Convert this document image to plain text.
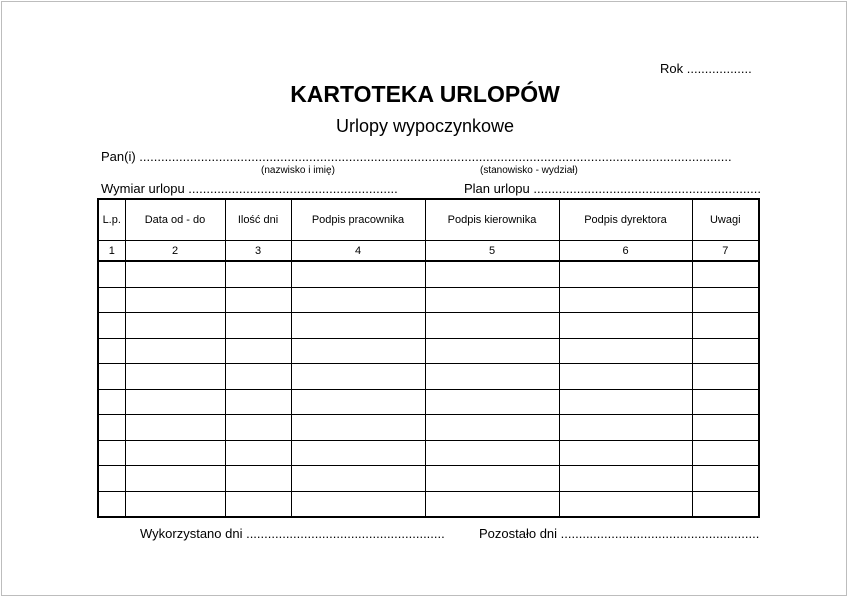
Rok ..................
KARTOTEKA URLOPÓW
Urlopy wypoczynkowe
Pan(i) ....................................................................................................................................................................
(nazwisko i imię)	(stanowisko - wydział)
Wymiar urlopu ..........................................................	Plan urlopu ...............................................................
L.p.	Data od - do	Ilość dni	Podpis pracownika	Podpis kierownika	Podpis dyrektora	Uwagi
1	2	3	4	5	6	7

Wykorzystano dni .......................................................	Pozostało dni .......................................................
